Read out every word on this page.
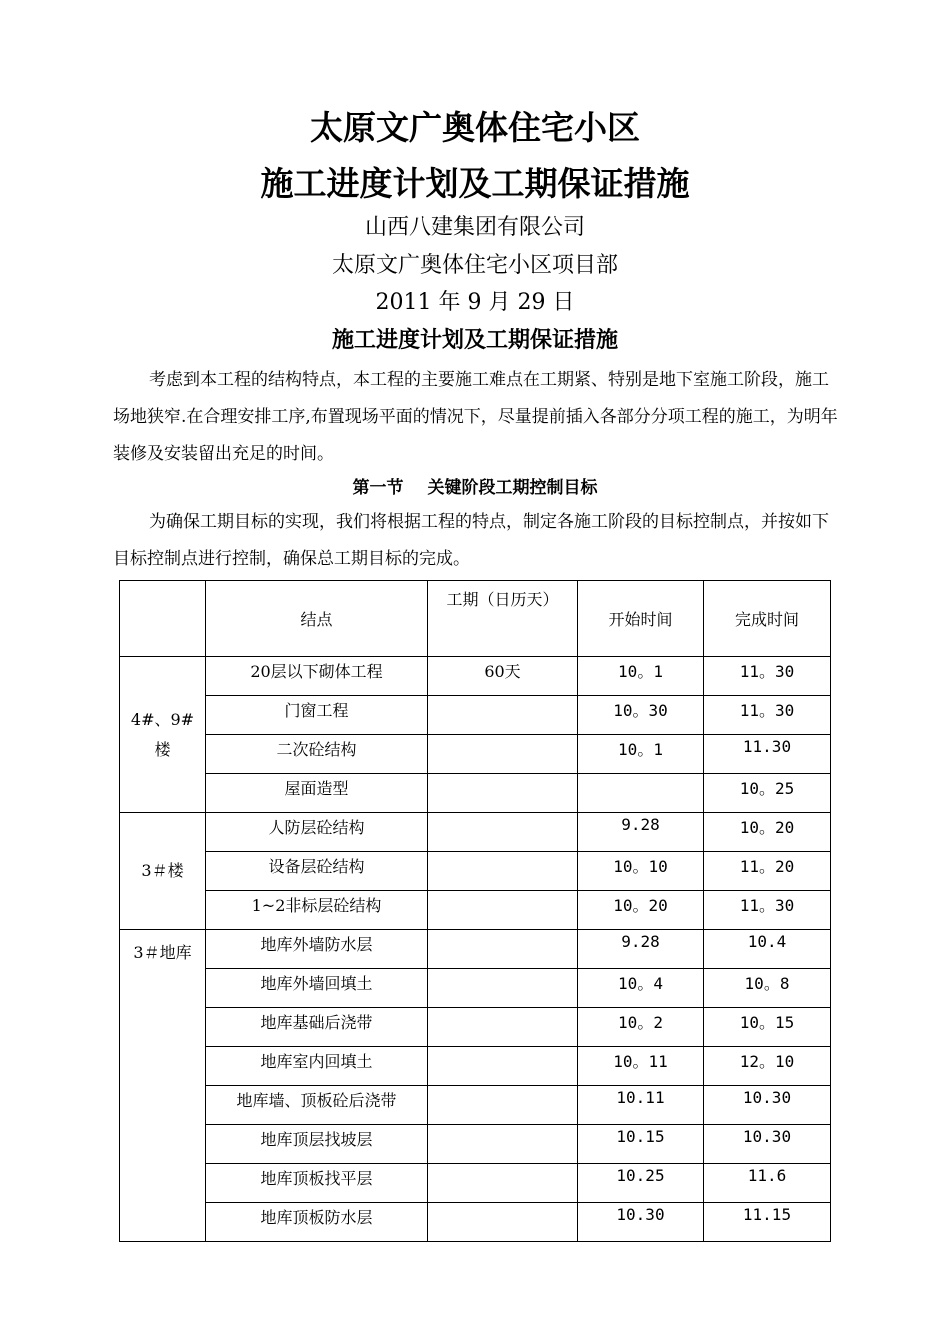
太原文广奥体住宅小区
施工进度计划及工期保证措施
山西八建集团有限公司
太原文广奥体住宅小区项目部
2011 年 9 月 29 日
施工进度计划及工期保证措施
考虑到本工程的结构特点，本工程的主要施工难点在工期紧、特别是地下室施工阶段，施工场地狭窄.在合理安排工序,布置现场平面的情况下，尽量提前插入各部分分项工程的施工，为明年装修及安装留出充足的时间。
第一节 关键阶段工期控制目标
为确保工期目标的实现，我们将根据工程的特点，制定各施工阶段的目标控制点，并按如下目标控制点进行控制，确保总工期目标的完成。
	结点	工期（日历天）	开始时间	完成时间
4#、9#楼	20层以下砌体工程	60天	10。1	11。30
	门窗工程		10。30	11。30
	二次砼结构		10。1	11.30
	屋面造型			10。25
3＃楼	人防层砼结构		9.28	10。20
	设备层砼结构		10。10	11。20
	1~2非标层砼结构		10。20	11。30
3＃地库	地库外墙防水层		9.28	10.4
	地库外墙回填土		10。4	10。8
	地库基础后浇带		10。2	10。15
	地库室内回填土		10。11	12。10
	地库墙、顶板砼后浇带		10.11	10.30
	地库顶层找坡层		10.15	10.30
	地库顶板找平层		10.25	11.6
	地库顶板防水层		10.30	11.15
